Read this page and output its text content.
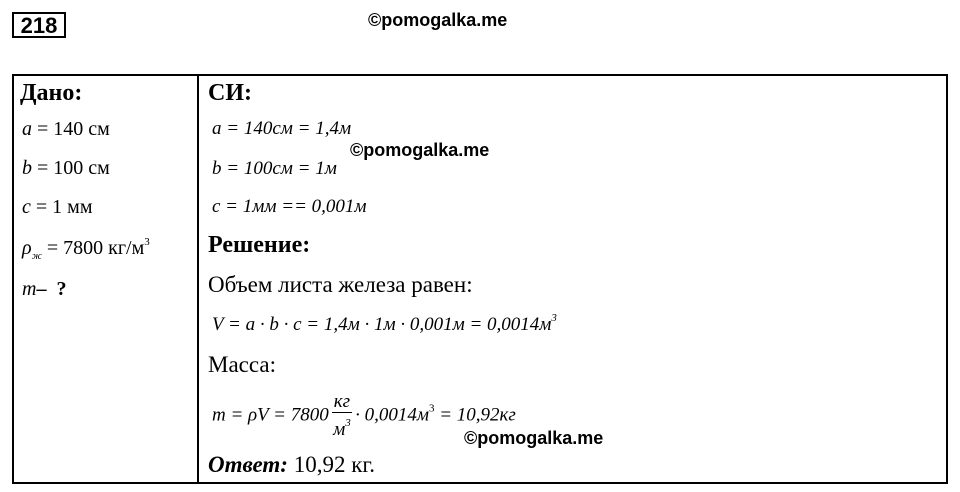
218	©pomogalka.me
Дано:
a = 140 см
b = 100 см
c = 1 мм
$\rho_ж = 7800$ $кг/м^3$
m– ?
СИ:
a = 140см = 1,4м
©pomogalka.me
b = 100см = 1м
c = 1мм == 0,001м
Решение:
Объем листа железа равен:
$V = a \cdot b \cdot c = 1,4м \cdot 1м \cdot 0,001м = 0,0014м^3$
Масса:
$m = \rho V = 7800 \frac{кг}{м^3} \cdot 0,0014м^3 = 10,92кг$
©pomogalka.me
Ответ: 10,92 кг.
